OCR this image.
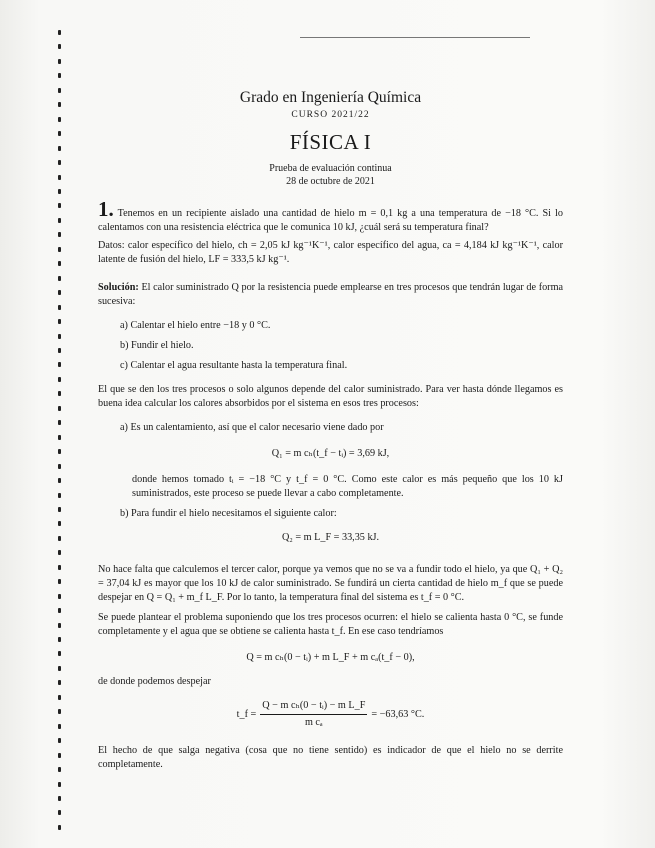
Grado en Ingeniería Química
CURSO 2021/22
FÍSICA I
Prueba de evaluación continua
28 de octubre de 2021

1. Tenemos en un recipiente aislado una cantidad de hielo m = 0,1 kg a una temperatura de −18 °C. Si lo calentamos con una resistencia eléctrica que le comunica 10 kJ, ¿cuál será su temperatura final?

Datos: calor específico del hielo, ch = 2,05 kJ kg⁻¹K⁻¹, calor específico del agua, ca = 4,184 kJ kg⁻¹K⁻¹, calor latente de fusión del hielo, LF = 333,5 kJ kg⁻¹.

Solución: El calor suministrado Q por la resistencia puede emplearse en tres procesos que tendrán lugar de forma sucesiva:

a) Calentar el hielo entre −18 y 0 °C.
b) Fundir el hielo.
c) Calentar el agua resultante hasta la temperatura final.

El que se den los tres procesos o solo algunos depende del calor suministrado. Para ver hasta dónde llegamos es buena idea calcular los calores absorbidos por el sistema en esos tres procesos:

a) Es un calentamiento, así que el calor necesario viene dado por
Q₁ = m cₕ(t_f − tᵢ) = 3,69 kJ,

donde hemos tomado tᵢ = −18 °C y t_f = 0 °C. Como este calor es más pequeño que los 10 kJ suministrados, este proceso se puede llevar a cabo completamente.

b) Para fundir el hielo necesitamos el siguiente calor:
Q₂ = m L_F = 33,35 kJ.

No hace falta que calculemos el tercer calor, porque ya vemos que no se va a fundir todo el hielo, ya que Q₁ + Q₂ = 37,04 kJ es mayor que los 10 kJ de calor suministrado. Se fundirá un cierta cantidad de hielo m_f que se puede despejar en Q = Q₁ + m_f L_F. Por lo tanto, la temperatura final del sistema es t_f = 0 °C.

Se puede plantear el problema suponiendo que los tres procesos ocurren: el hielo se calienta hasta 0 °C, se funde completamente y el agua que se obtiene se calienta hasta t_f. En ese caso tendríamos

Q = m cₕ(0 − tᵢ) + m L_F + m cₐ(t_f − 0),

de donde podemos despejar

t_f = $\frac{\text{Q − m cₕ(0 − tᵢ) − m L\_F}}{\text{m cₐ}} = -63,63$ °C.

El hecho de que salga negativa (cosa que no tiene sentido) es indicador de que el hielo no se derrite completamente.
